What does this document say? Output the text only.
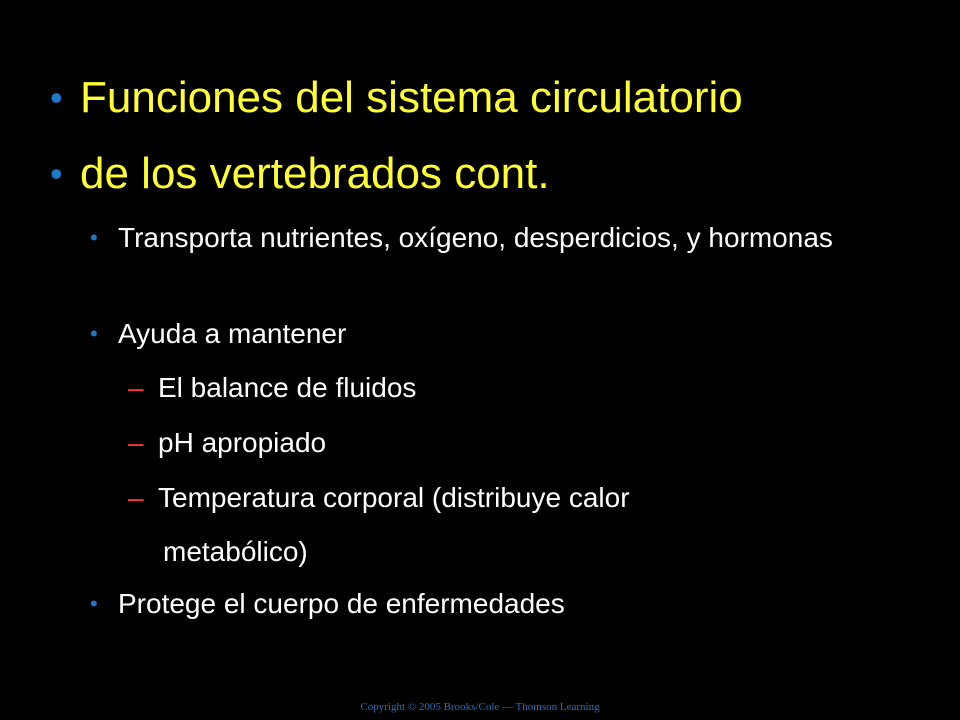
• Funciones del sistema circulatorio
• de los vertebrados cont.
• Transporta nutrientes, oxígeno, desperdicios, y hormonas
• Ayuda a mantener
– El balance de fluidos
– pH apropiado
– Temperatura corporal (distribuye calor
metabólico)
• Protege el cuerpo de enfermedades
Copyright © 2005 Brooks/Cole — Thomson Learning
